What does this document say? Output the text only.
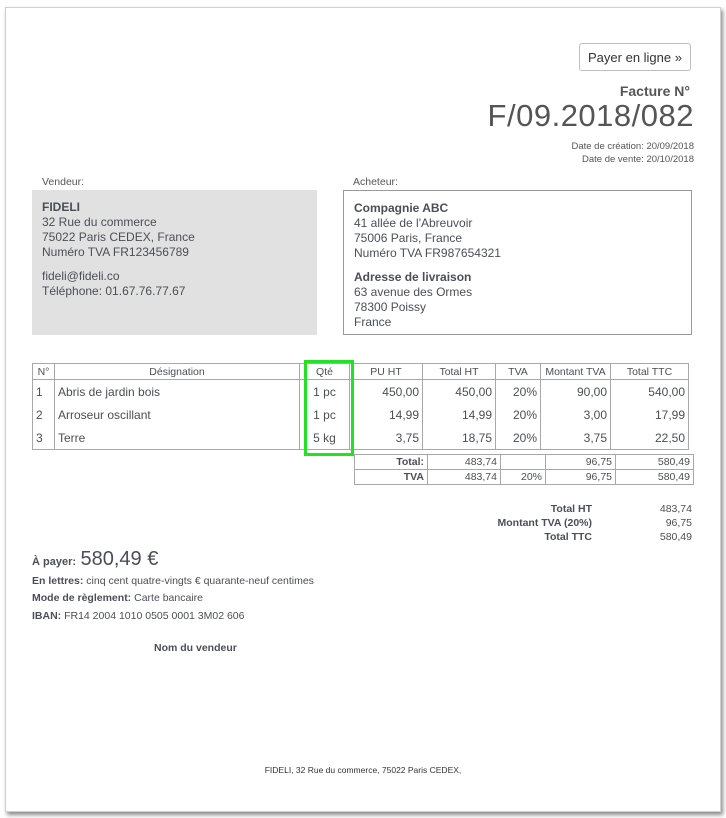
Payer en ligne »
Facture N°
F/09.2018/082
Date de création: 20/09/2018
Date de vente: 20/10/2018
Vendeur:	Acheteur:
FIDELI
32 Rue du commerce
75022 Paris CEDEX, France
Numéro TVA FR123456789
fideli@fideli.co
Téléphone: 01.67.76.77.67
Compagnie ABC
41 allée de l'Abreuvoir
75006 Paris, France
Numéro TVA FR987654321
Adresse de livraison
63 avenue des Ormes
78300 Poissy
France
N°	Désignation	Qté	PU HT	Total HT	TVA	Montant TVA	Total TTC
1	Abris de jardin bois	1 pc	450,00	450,00	20%	90,00	540,00
2	Arroseur oscillant	1 pc	14,99	14,99	20%	3,00	17,99
3	Terre	5 kg	3,75	18,75	20%	3,75	22,50
Total:	483,74		96,75	580,49
TVA	483,74	20%	96,75	580,49
Total HT	483,74
Montant TVA (20%)	96,75
Total TTC	580,49
À payer: 580,49 €
En lettres: cinq cent quatre-vingts € quarante-neuf centimes
Mode de règlement: Carte bancaire
IBAN: FR14 2004 1010 0505 0001 3M02 606
Nom du vendeur
FIDELI, 32 Rue du commerce, 75022 Paris CEDEX,
